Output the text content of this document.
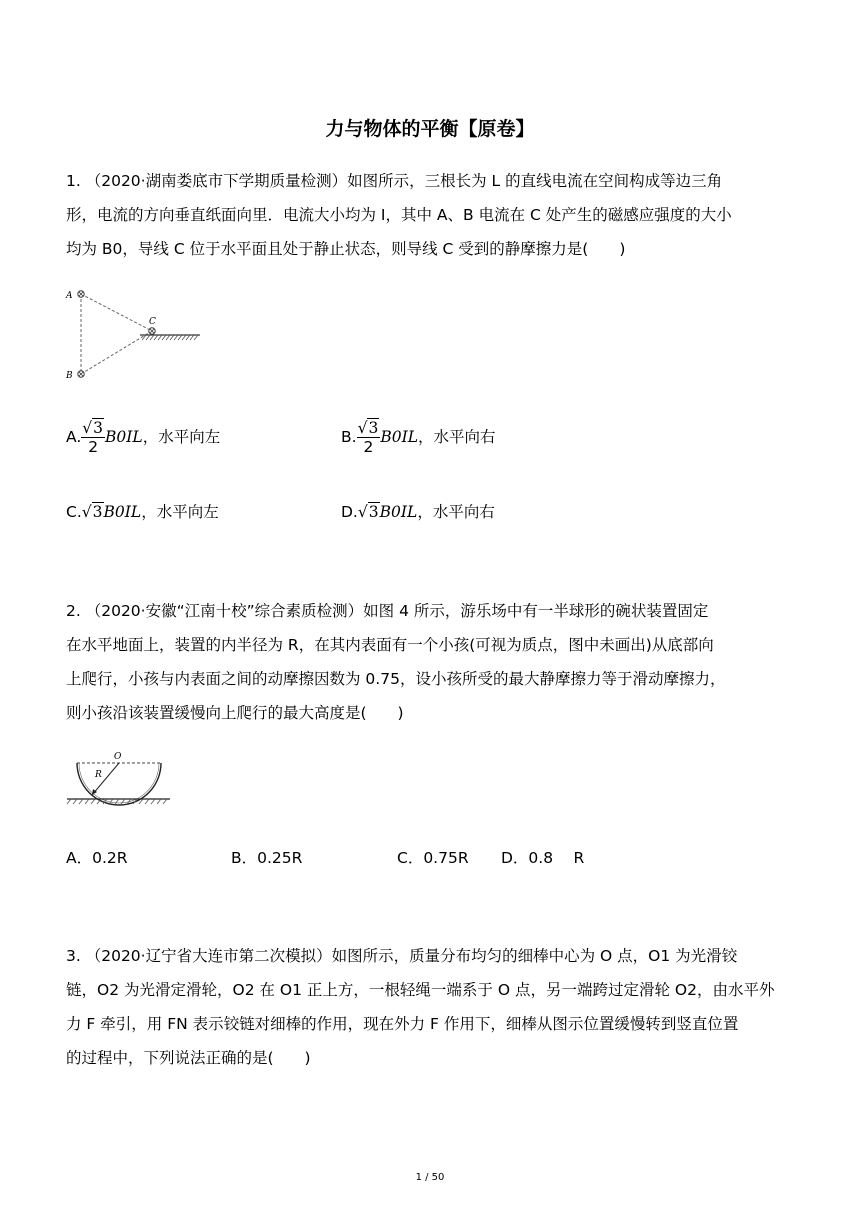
力与物体的平衡【原卷】
1. （2020·湖南娄底市下学期质量检测）如图所示，三根长为 L 的直线电流在空间构成等边三角
形，电流的方向垂直纸面向里．电流大小均为 I，其中 A、B 电流在 C 处产生的磁感应强度的大小
均为 B0，导线 C 位于水平面且处于静止状态，则导线 C 受到的静摩擦力是(　　)
A
B
C
A. $\frac{√3}{2} B0IL$，水平向左	B. $\frac{√3}{2} B0IL$，水平向右
C.√3B0IL，水平向左	D.√3B0IL，水平向右
2. （2020·安徽“江南十校”综合素质检测）如图 4 所示，游乐场中有一半球形的碗状装置固定
在水平地面上，装置的内半径为 R，在其内表面有一个小孩(可视为质点，图中未画出)从底部向
上爬行，小孩与内表面之间的动摩擦因数为 0.75，设小孩所受的最大静摩擦力等于滑动摩擦力，
则小孩沿该装置缓慢向上爬行的最大高度是(　　)
O
R
A．0.2R	B．0.25R	C．0.75R D．0.8　 R
3. （2020·辽宁省大连市第二次模拟）如图所示，质量分布均匀的细棒中心为 O 点，O1 为光滑铰
链，O2 为光滑定滑轮，O2 在 O1 正上方，一根轻绳一端系于 O 点，另一端跨过定滑轮 O2，由水平外
力 F 牵引，用 FN 表示铰链对细棒的作用，现在外力 F 作用下，细棒从图示位置缓慢转到竖直位置
的过程中，下列说法正确的是(　　)
1 / 50
